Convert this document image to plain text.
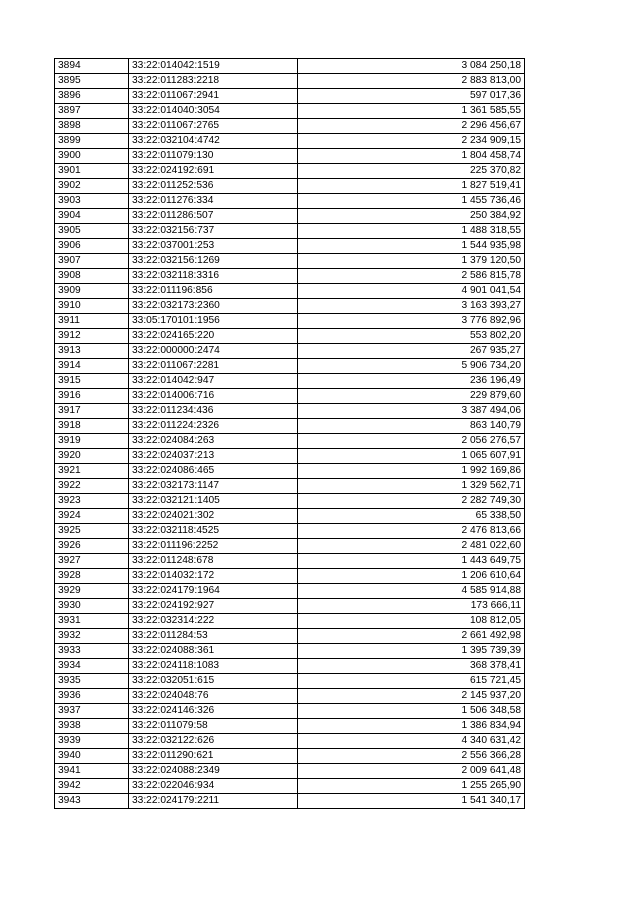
3894	33:22:014042:1519	3 084 250,18
3895	33:22:011283:2218	2 883 813,00
3896	33:22:011067:2941	597 017,36
3897	33:22:014040:3054	1 361 585,55
3898	33:22:011067:2765	2 296 456,67
3899	33:22:032104:4742	2 234 909,15
3900	33:22:011079:130	1 804 458,74
3901	33:22:024192:691	225 370,82
3902	33:22:011252:536	1 827 519,41
3903	33:22:011276:334	1 455 736,46
3904	33:22:011286:507	250 384,92
3905	33:22:032156:737	1 488 318,55
3906	33:22:037001:253	1 544 935,98
3907	33:22:032156:1269	1 379 120,50
3908	33:22:032118:3316	2 586 815,78
3909	33:22:011196:856	4 901 041,54
3910	33:22:032173:2360	3 163 393,27
3911	33:05:170101:1956	3 776 892,96
3912	33:22:024165:220	553 802,20
3913	33:22:000000:2474	267 935,27
3914	33:22:011067:2281	5 906 734,20
3915	33:22:014042:947	236 196,49
3916	33:22:014006:716	229 879,60
3917	33:22:011234:436	3 387 494,06
3918	33:22:011224:2326	863 140,79
3919	33:22:024084:263	2 056 276,57
3920	33:22:024037:213	1 065 607,91
3921	33:22:024086:465	1 992 169,86
3922	33:22:032173:1147	1 329 562,71
3923	33:22:032121:1405	2 282 749,30
3924	33:22:024021:302	65 338,50
3925	33:22:032118:4525	2 476 813,66
3926	33:22:011196:2252	2 481 022,60
3927	33:22:011248:678	1 443 649,75
3928	33:22:014032:172	1 206 610,64
3929	33:22:024179:1964	4 585 914,88
3930	33:22:024192:927	173 666,11
3931	33:22:032314:222	108 812,05
3932	33:22:011284:53	2 661 492,98
3933	33:22:024088:361	1 395 739,39
3934	33:22:024118:1083	368 378,41
3935	33:22:032051:615	615 721,45
3936	33:22:024048:76	2 145 937,20
3937	33:22:024146:326	1 506 348,58
3938	33:22:011079:58	1 386 834,94
3939	33:22:032122:626	4 340 631,42
3940	33:22:011290:621	2 556 366,28
3941	33:22:024088:2349	2 009 641,48
3942	33:22:022046:934	1 255 265,90
3943	33:22:024179:2211	1 541 340,17
